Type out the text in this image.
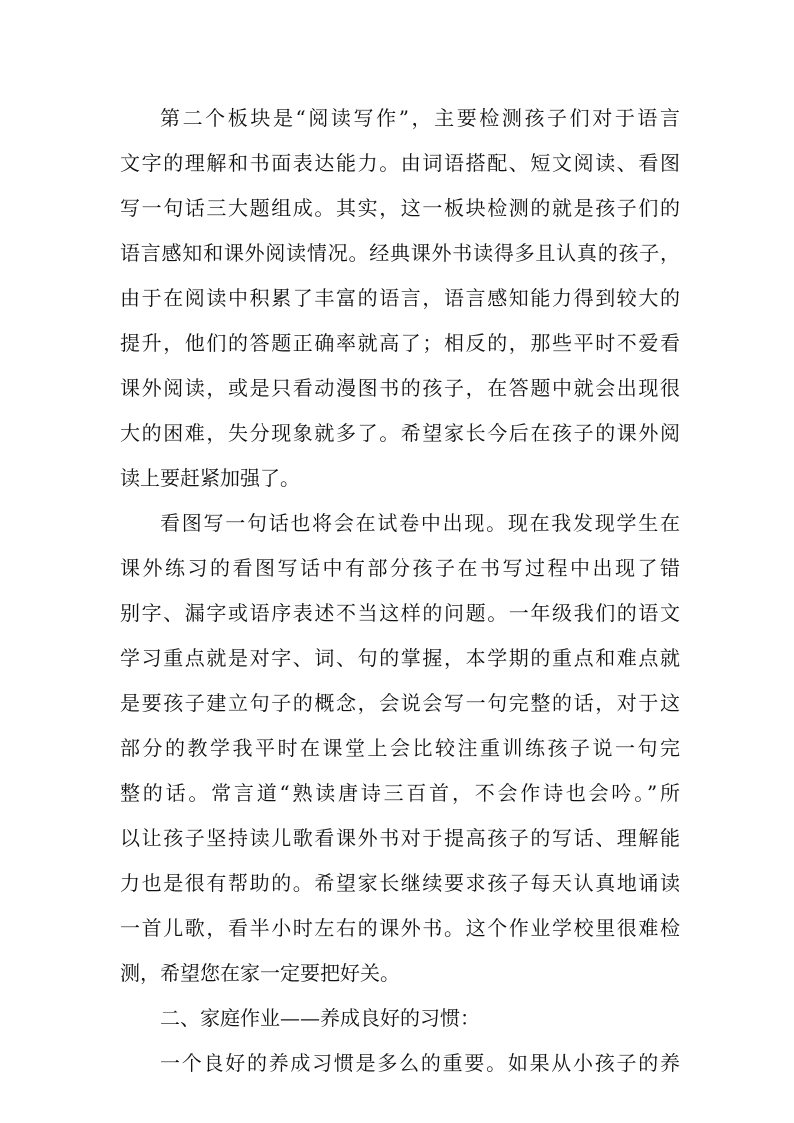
第二个板块是“阅读写作”，主要检测孩子们对于语言
文字的理解和书面表达能力。由词语搭配、短文阅读、看图
写一句话三大题组成。其实，这一板块检测的就是孩子们的
语言感知和课外阅读情况。经典课外书读得多且认真的孩子，
由于在阅读中积累了丰富的语言，语言感知能力得到较大的
提升，他们的答题正确率就高了；相反的，那些平时不爱看
课外阅读，或是只看动漫图书的孩子，在答题中就会出现很
大的困难，失分现象就多了。希望家长今后在孩子的课外阅
读上要赶紧加强了。
看图写一句话也将会在试卷中出现。现在我发现学生在
课外练习的看图写话中有部分孩子在书写过程中出现了错
别字、漏字或语序表述不当这样的问题。一年级我们的语文
学习重点就是对字、词、句的掌握，本学期的重点和难点就
是要孩子建立句子的概念，会说会写一句完整的话，对于这
部分的教学我平时在课堂上会比较注重训练孩子说一句完
整的话。常言道“熟读唐诗三百首，不会作诗也会吟。”所
以让孩子坚持读儿歌看课外书对于提高孩子的写话、理解能
力也是很有帮助的。希望家长继续要求孩子每天认真地诵读
一首儿歌，看半小时左右的课外书。这个作业学校里很难检
测，希望您在家一定要把好关。
二、家庭作业——养成良好的习惯：
一个良好的养成习惯是多么的重要。如果从小孩子的养
